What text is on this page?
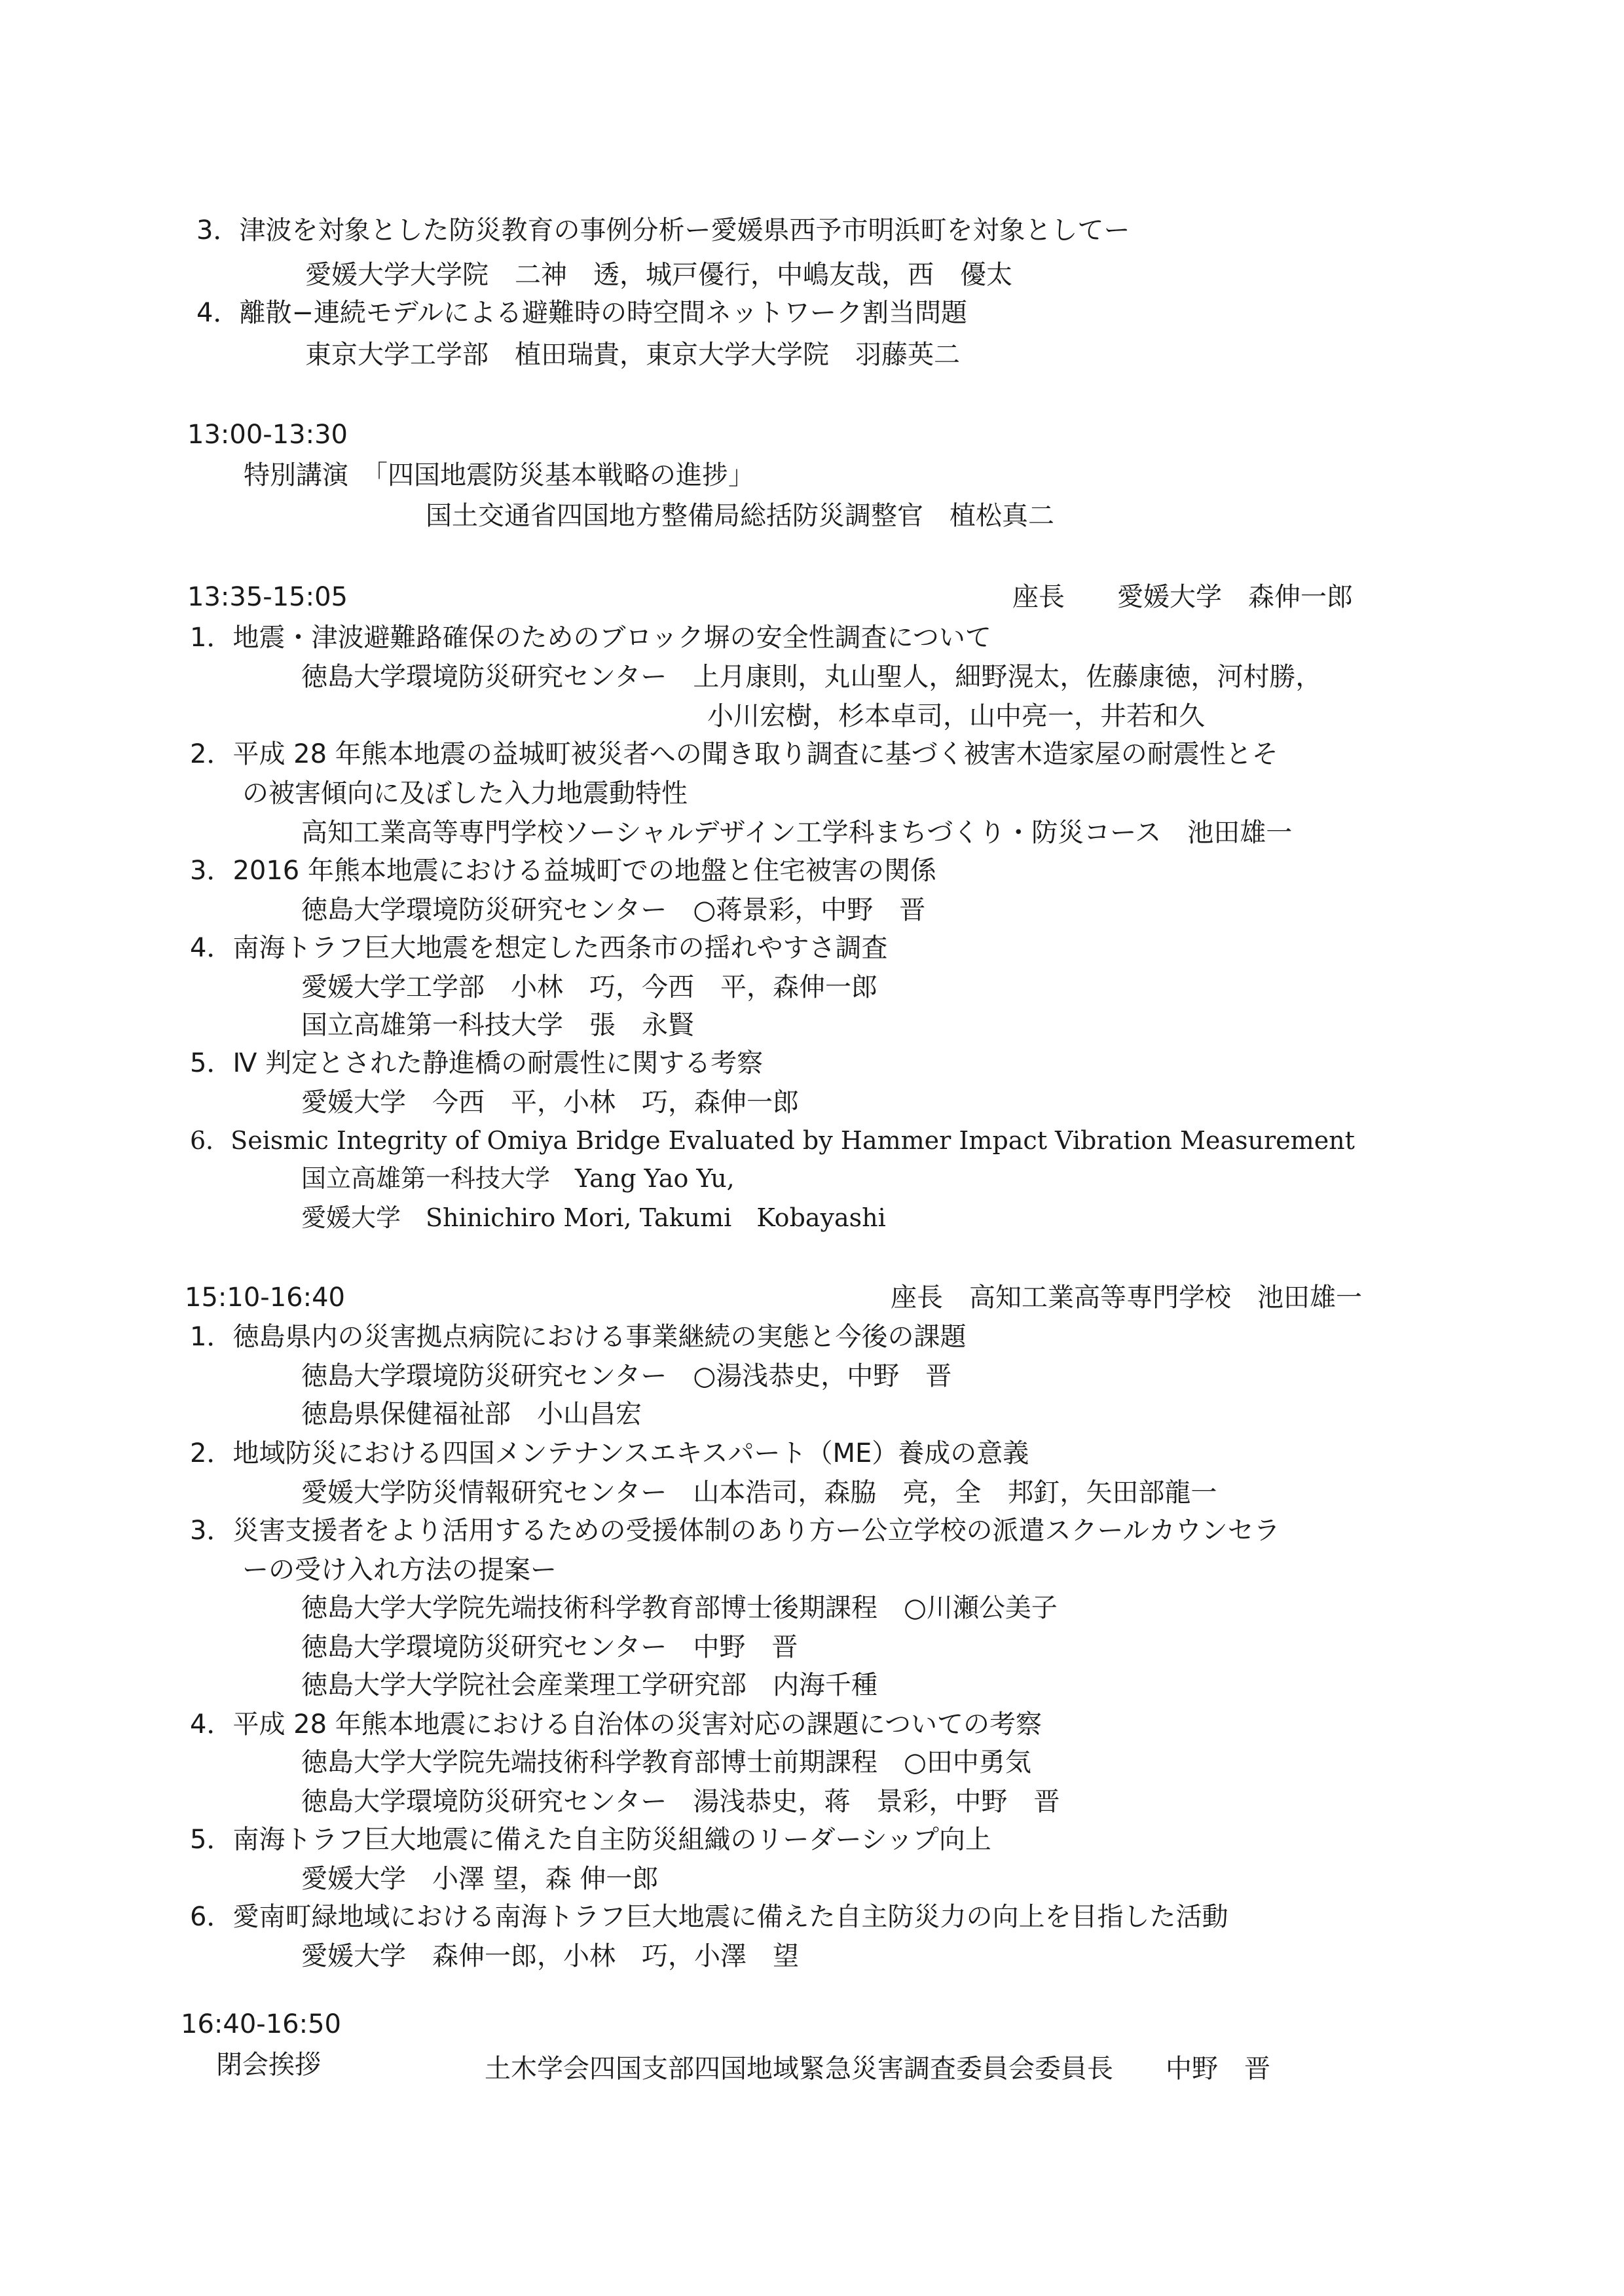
3．津波を対象とした防災教育の事例分析ー愛媛県西予市明浜町を対象としてー
愛媛大学大学院　二神　透，城戸優行，中嶋友哉，西　優太
4．離散−連続モデルによる避難時の時空間ネットワーク割当問題
東京大学工学部　植田瑞貴，東京大学大学院　羽藤英二
13:00-13:30
特別講演　「四国地震防災基本戦略の進捗」
国土交通省四国地方整備局総括防災調整官　植松真二
13:35-15:05	座長　　愛媛大学　森伸一郎
1．地震・津波避難路確保のためのブロック塀の安全性調査について
徳島大学環境防災研究センター　上月康則，丸山聖人，細野滉太，佐藤康徳，河村勝，
小川宏樹，杉本卓司，山中亮一，井若和久
2．平成 28 年熊本地震の益城町被災者への聞き取り調査に基づく被害木造家屋の耐震性とそ
の被害傾向に及ぼした入力地震動特性
高知工業高等専門学校ソーシャルデザイン工学科まちづくり・防災コース　池田雄一
3．2016 年熊本地震における益城町での地盤と住宅被害の関係
徳島大学環境防災研究センター　○蒋景彩，中野　晋
4．南海トラフ巨大地震を想定した西条市の揺れやすさ調査
愛媛大学工学部　小林　巧，今西　平，森伸一郎
国立高雄第一科技大学　張　永賢
5．Ⅳ 判定とされた静進橋の耐震性に関する考察
愛媛大学　今西　平，小林　巧，森伸一郎
6．Seismic Integrity of Omiya Bridge Evaluated by Hammer Impact Vibration Measurement
国立高雄第一科技大学　Yang Yao Yu,
愛媛大学　Shinichiro Mori, Takumi　Kobayashi
15:10-16:40	座長　高知工業高等専門学校　池田雄一
1．徳島県内の災害拠点病院における事業継続の実態と今後の課題
徳島大学環境防災研究センター　○湯浅恭史，中野　晋
徳島県保健福祉部　小山昌宏
2．地域防災における四国メンテナンスエキスパート（ME）養成の意義
愛媛大学防災情報研究センター　山本浩司，森脇　亮，全　邦釘，矢田部龍一
3．災害支援者をより活用するための受援体制のあり方ー公立学校の派遣スクールカウンセラ
ーの受け入れ方法の提案ー
徳島大学大学院先端技術科学教育部博士後期課程　○川瀬公美子
徳島大学環境防災研究センター　中野　晋
徳島大学大学院社会産業理工学研究部　内海千種
4．平成 28 年熊本地震における自治体の災害対応の課題についての考察
徳島大学大学院先端技術科学教育部博士前期課程　○田中勇気
徳島大学環境防災研究センター　湯浅恭史，蒋　景彩，中野　晋
5．南海トラフ巨大地震に備えた自主防災組織のリーダーシップ向上
愛媛大学　小澤 望，森 伸一郎
6．愛南町緑地域における南海トラフ巨大地震に備えた自主防災力の向上を目指した活動
愛媛大学　森伸一郎，小林　巧，小澤　望
16:40-16:50
閉会挨拶	土木学会四国支部四国地域緊急災害調査委員会委員長　　中野　晋
